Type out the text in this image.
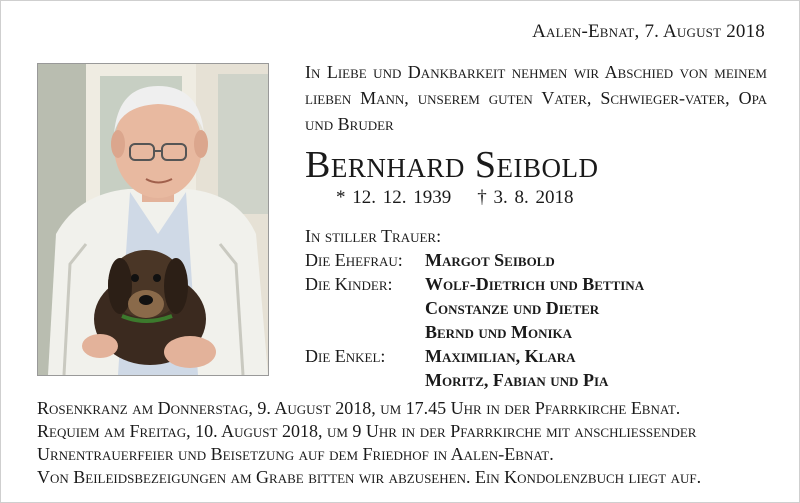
Aalen-Ebnat, 7. August 2018
In Liebe und Dankbarkeit nehmen wir Abschied von meinem lieben Mann, unserem guten Vater, Schwieger-vater, Opa und Bruder
Bernhard Seibold
* 12. 12. 1939 † 3. 8. 2018
In stiller Trauer:
Die Ehefrau:	Margot Seibold
Die Kinder:	Wolf-Dietrich und Bettina
Constanze und Dieter
Bernd und Monika
Die Enkel:	Maximilian, Klara
Moritz, Fabian und Pia
Rosenkranz am Donnerstag, 9. August 2018, um 17.45 Uhr in der Pfarrkirche Ebnat.
Requiem am Freitag, 10. August 2018, um 9 Uhr in der Pfarrkirche mit anschliessender
Urnentrauerfeier und Beisetzung auf dem Friedhof in Aalen-Ebnat.
Von Beileidsbezeigungen am Grabe bitten wir abzusehen. Ein Kondolenzbuch liegt auf.
